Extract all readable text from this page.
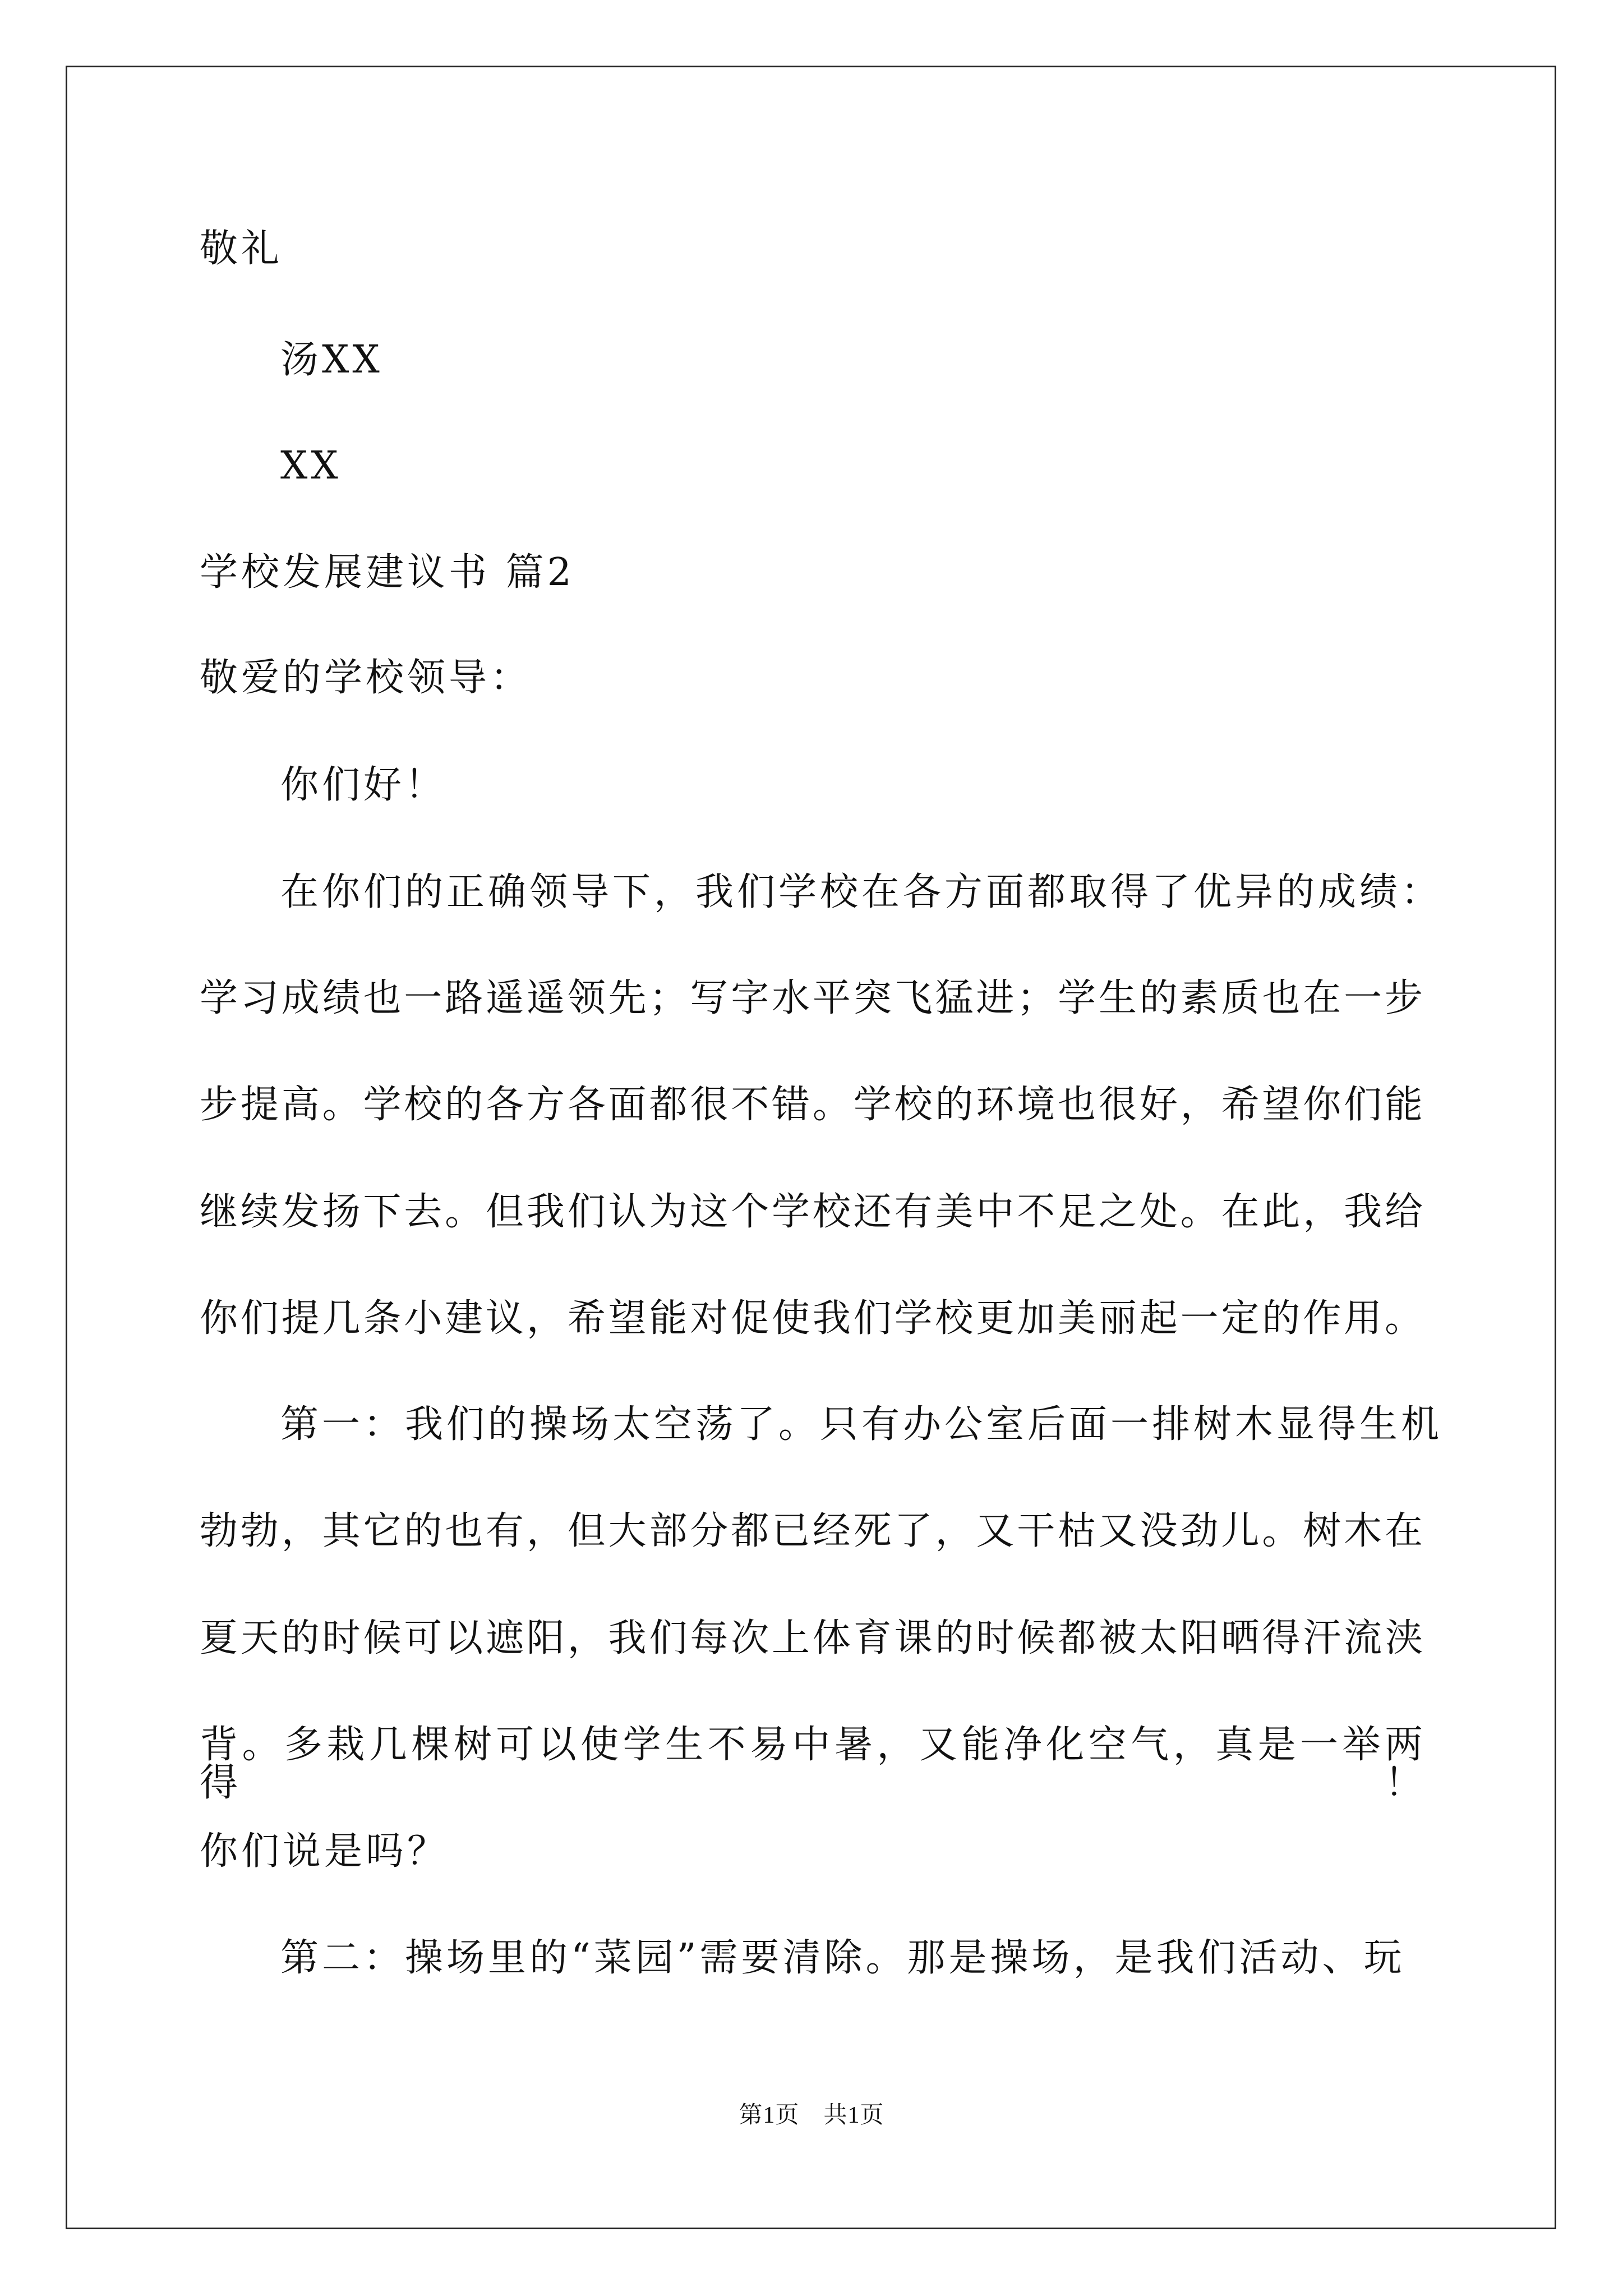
敬礼
汤XX
XX
学校发展建议书 篇2
敬爱的学校领导：
你们好！
在你们的正确领导下，我们学校在各方面都取得了优异的成绩：
学习成绩也一路遥遥领先；写字水平突飞猛进；学生的素质也在一步
步提高。学校的各方各面都很不错。学校的环境也很好，希望你们能
继续发扬下去。但我们认为这个学校还有美中不足之处。在此，我给
你们提几条小建议，希望能对促使我们学校更加美丽起一定的作用。
第一：我们的操场太空荡了。只有办公室后面一排树木显得生机
勃勃，其它的也有，但大部分都已经死了，又干枯又没劲儿。树木在
夏天的时候可以遮阳，我们每次上体育课的时候都被太阳晒得汗流浃
背。多栽几棵树可以使学生不易中暑，又能净化空气，真是一举两得！
你们说是吗？
第二：操场里的“菜园”需要清除。那是操场，是我们活动、玩
第1页　共1页
